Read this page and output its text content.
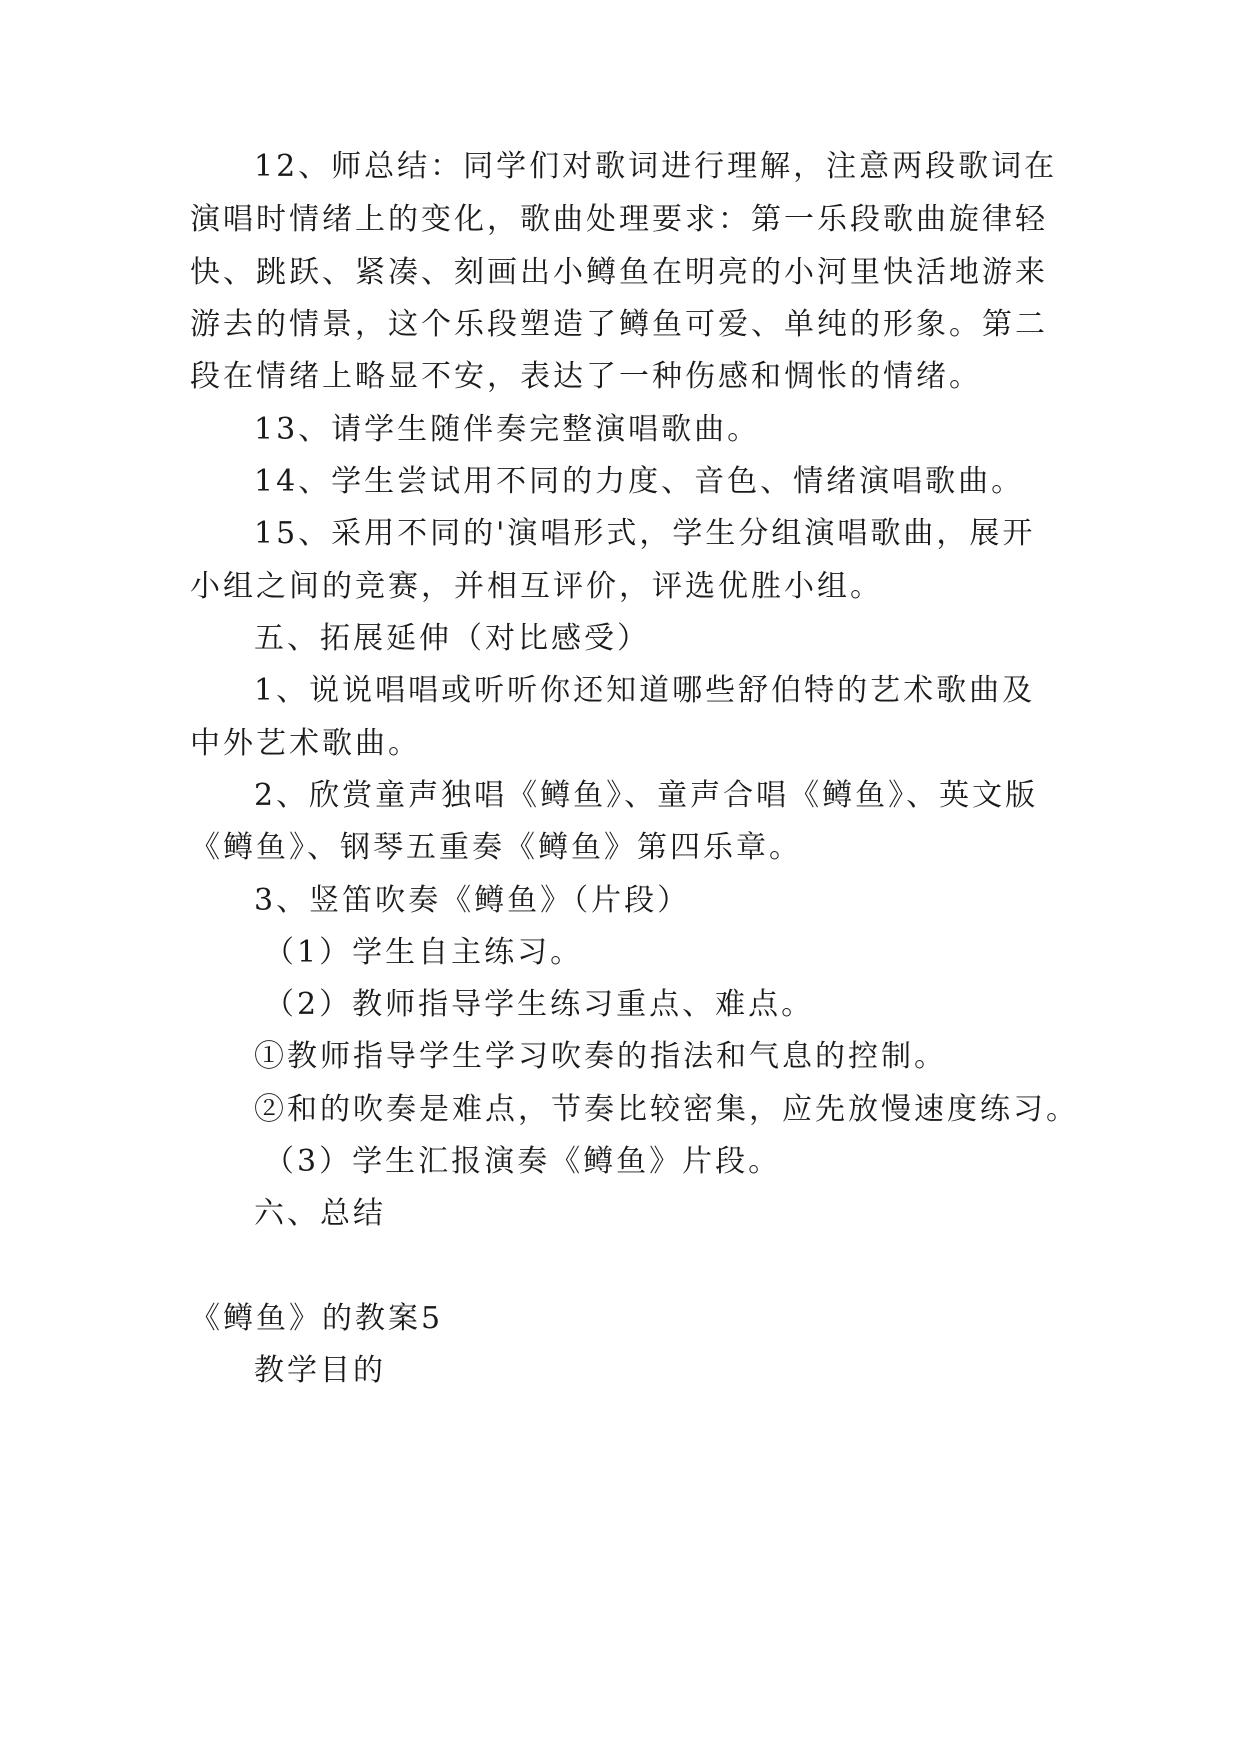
12、师总结：同学们对歌词进行理解，注意两段歌词在
演唱时情绪上的变化，歌曲处理要求：第一乐段歌曲旋律轻
快、跳跃、紧凑、刻画出小鳟鱼在明亮的小河里快活地游来
游去的情景，这个乐段塑造了鳟鱼可爱、单纯的形象。第二
段在情绪上略显不安，表达了一种伤感和惆怅的情绪。
13、请学生随伴奏完整演唱歌曲。
14、学生尝试用不同的力度、音色、情绪演唱歌曲。
15、采用不同的'演唱形式，学生分组演唱歌曲，展开
小组之间的竞赛，并相互评价，评选优胜小组。
五、拓展延伸（对比感受）
1、说说唱唱或听听你还知道哪些舒伯特的艺术歌曲及
中外艺术歌曲。
2、欣赏童声独唱《鳟鱼》、童声合唱《鳟鱼》、英文版
《鳟鱼》、钢琴五重奏《鳟鱼》第四乐章。
3、竖笛吹奏《鳟鱼》（片段）
（1）学生自主练习。
（2）教师指导学生练习重点、难点。
①教师指导学生学习吹奏的指法和气息的控制。
②和的吹奏是难点，节奏比较密集，应先放慢速度练习。
（3）学生汇报演奏《鳟鱼》片段。
六、总结
《鳟鱼》的教案5
教学目的
